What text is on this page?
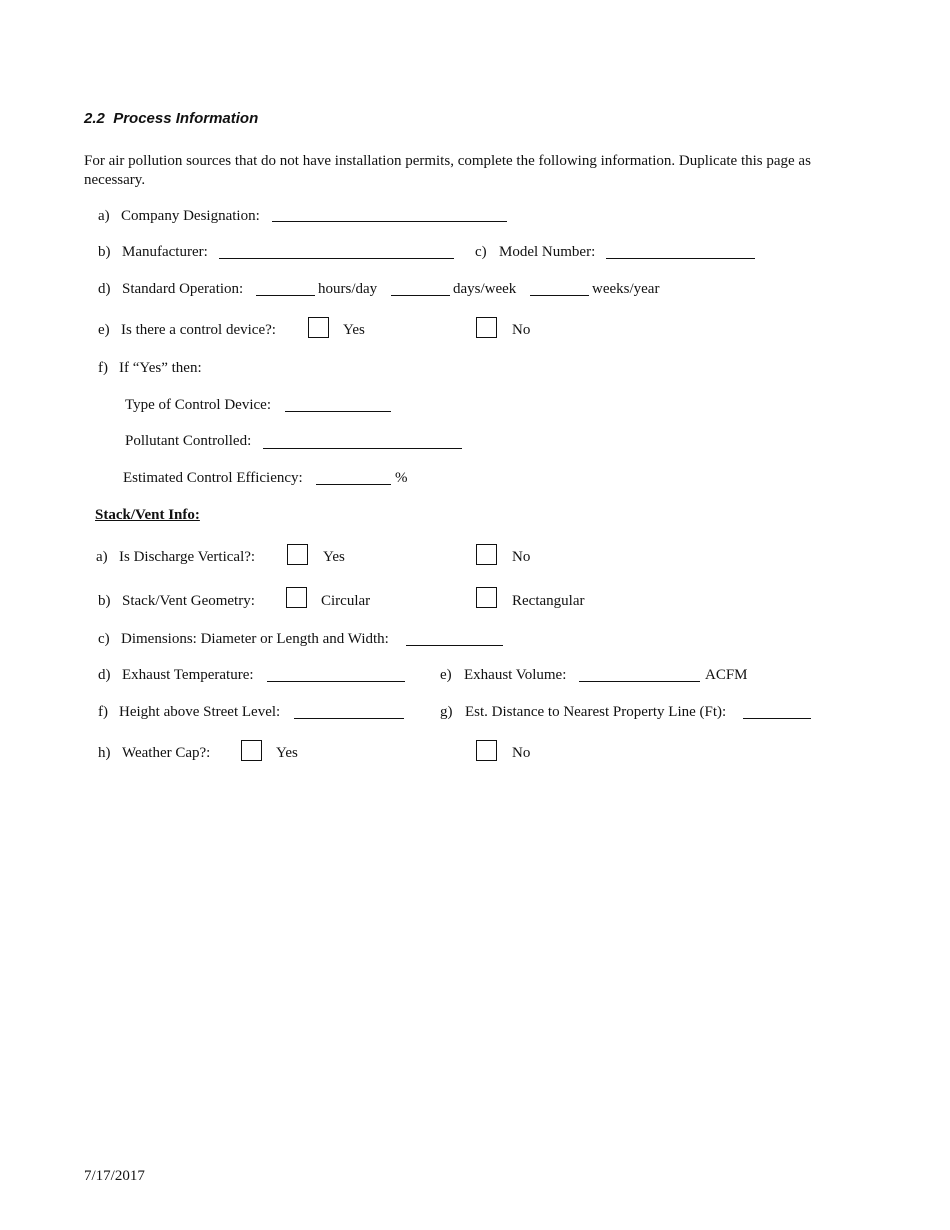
2.2 Process Information
For air pollution sources that do not have installation permits, complete the following information. Duplicate this page as necessary.
a) Company Designation:
b) Manufacturer:	c) Model Number:
d) Standard Operation:	hours/day	days/week	weeks/year
e) Is there a control device?:	Yes	No
f) If “Yes” then:
Type of Control Device:
Pollutant Controlled:
Estimated Control Efficiency:	%
Stack/Vent Info:
a) Is Discharge Vertical?:	Yes	No
b) Stack/Vent Geometry:	Circular	Rectangular
c) Dimensions: Diameter or Length and Width:
d) Exhaust Temperature:	e) Exhaust Volume:	ACFM
f) Height above Street Level:	g) Est. Distance to Nearest Property Line (Ft):
h) Weather Cap?:	Yes	No
7/17/2017
